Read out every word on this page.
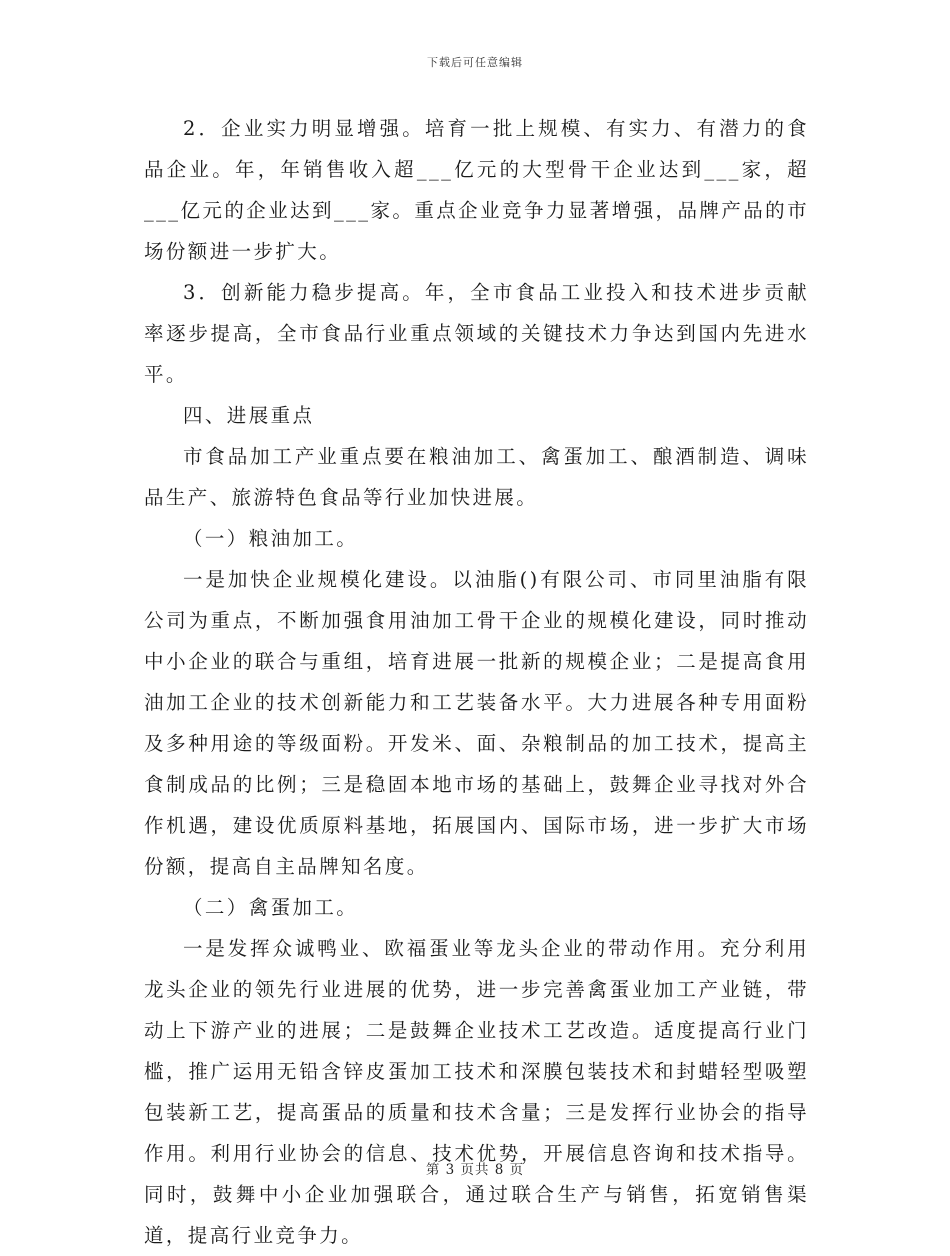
下载后可任意编辑

2．企业实力明显增强。培育一批上规模、有实力、有潜力的食品企业。年，年销售收入超___亿元的大型骨干企业达到___家，超___亿元的企业达到___家。重点企业竞争力显著增强，品牌产品的市场份额进一步扩大。

3．创新能力稳步提高。年，全市食品工业投入和技术进步贡献率逐步提高，全市食品行业重点领域的关键技术力争达到国内先进水平。

四、进展重点

市食品加工产业重点要在粮油加工、禽蛋加工、酿酒制造、调味品生产、旅游特色食品等行业加快进展。

（一）粮油加工。

一是加快企业规模化建设。以油脂()有限公司、市同里油脂有限公司为重点，不断加强食用油加工骨干企业的规模化建设，同时推动中小企业的联合与重组，培育进展一批新的规模企业；二是提高食用油加工企业的技术创新能力和工艺装备水平。大力进展各种专用面粉及多种用途的等级面粉。开发米、面、杂粮制品的加工技术，提高主食制成品的比例；三是稳固本地市场的基础上，鼓舞企业寻找对外合作机遇，建设优质原料基地，拓展国内、国际市场，进一步扩大市场份额，提高自主品牌知名度。

（二）禽蛋加工。

一是发挥众诚鸭业、欧福蛋业等龙头企业的带动作用。充分利用龙头企业的领先行业进展的优势，进一步完善禽蛋业加工产业链，带动上下游产业的进展；二是鼓舞企业技术工艺改造。适度提高行业门槛，推广运用无铅含锌皮蛋加工技术和深膜包装技术和封蜡轻型吸塑包装新工艺，提高蛋品的质量和技术含量；三是发挥行业协会的指导作用。利用行业协会的信息、技术优势，开展信息咨询和技术指导。同时，鼓舞中小企业加强联合，通过联合生产与销售，拓宽销售渠道，提高行业竞争力。

第 3 页共 8 页
